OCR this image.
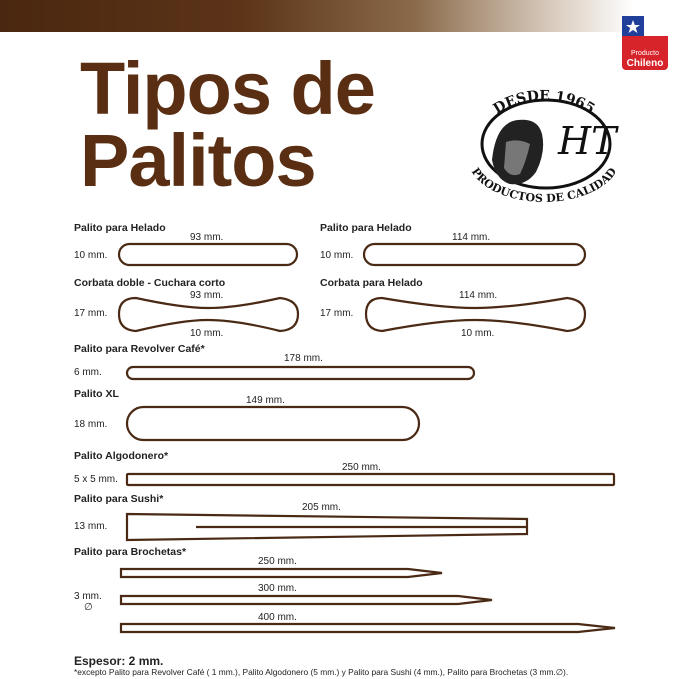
Tipos de
Palitos
Producto
Chileno
HT
DESDE 1965
PRODUCTOS DE CALIDAD
Palito para Helado
93 mm.
10 mm.
Palito para Helado
114 mm.
10 mm.
Corbata doble - Cuchara corto
93 mm.
17 mm.
10 mm.
Corbata para Helado
114 mm.
17 mm.
10 mm.
Palito para Revolver Café*
178 mm.
6 mm.
Palito XL
149 mm.
18 mm.
Palito Algodonero*
250 mm.
5 x 5 mm.
Palito para Sushi*
205 mm.
13 mm.
Palito para Brochetas*
250 mm.
300 mm.
400 mm.
3 mm.
∅
Espesor: 2 mm.
*excepto Palito para Revolver Café ( 1 mm.), Palito Algodonero (5 mm.) y Palito para Sushi (4 mm.), Palito para Brochetas (3 mm.∅).
